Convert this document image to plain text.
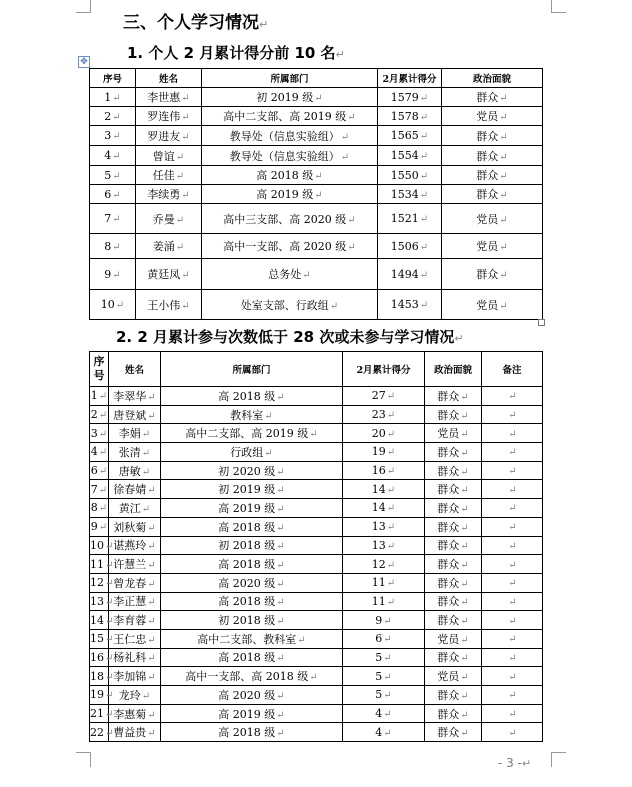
三、个人学习情况↵
1. 个人 2 月累计得分前 10 名↵
✥
序号	姓名	所属部门	2月累计得分	政治面貌
1↵	李世惠↵	初 2019 级↵	1579↵	群众↵
2↵	罗连伟↵	高中二支部、高 2019 级↵	1578↵	党员↵
3↵	罗进友↵	教导处（信息实验组）↵	1565↵	群众↵
4↵	曾谊↵	教导处（信息实验组）↵	1554↵	群众↵
5↵	任佳↵	高 2018 级↵	1550↵	群众↵
6↵	李续勇↵	高 2019 级↵	1534↵	群众↵
7↵	乔曼↵	高中三支部、高 2020 级↵	1521↵	党员↵
8↵	姜涌↵	高中一支部、高 2020 级↵	1506↵	党员↵
9↵	黄廷凤↵	总务处↵	1494↵	群众↵
10↵	王小伟↵	处室支部、行政组↵	1453↵	党员↵
2. 2 月累计参与次数低于 28 次或未参与学习情况↵
序号	姓名	所属部门	2月累计得分	政治面貌	备注
1↵	李翠华↵	高 2018 级↵	27↵	群众↵	↵
2↵	唐登斌↵	教科室↵	23↵	群众↵	↵
3↵	李娟↵	高中二支部、高 2019 级↵	20↵	党员↵	↵
4↵	张清↵	行政组↵	19↵	群众↵	↵
6↵	唐敏↵	初 2020 级↵	16↵	群众↵	↵
7↵	徐春婧↵	初 2019 级↵	14↵	群众↵	↵
8↵	黄江↵	高 2019 级↵	14↵	群众↵	↵
9↵	刘秋菊↵	高 2018 级↵	13↵	群众↵	↵
10↵	谌燕玲↵	初 2018 级↵	13↵	群众↵	↵
11↵	许慧兰↵	高 2018 级↵	12↵	群众↵	↵
12↵	曾龙春↵	高 2020 级↵	11↵	群众↵	↵
13↵	李正慧↵	高 2018 级↵	11↵	群众↵	↵
14↵	李育蓉↵	初 2018 级↵	9↵	群众↵	↵
15↵	王仁忠↵	高中二支部、教科室↵	6↵	党员↵	↵
16↵	杨礼科↵	高 2018 级↵	5↵	群众↵	↵
18↵	李加锦↵	高中一支部、高 2018 级↵	5↵	党员↵	↵
19↵	龙玲↵	高 2020 级↵	5↵	群众↵	↵
21↵	李惠菊↵	高 2019 级↵	4↵	群众↵	↵
22↵	曹益贵↵	高 2018 级↵	4↵	群众↵	↵
- 3 -↵
